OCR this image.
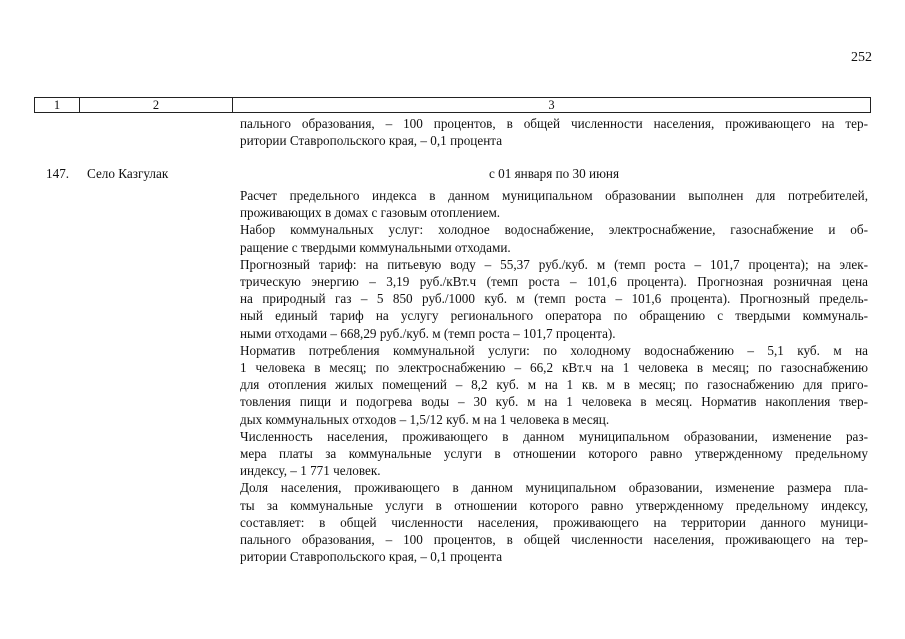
252
1	2	3
пального образования, – 100 процентов, в общей численности населения, проживающего на тер-
ритории Ставропольского края, – 0,1 процента
147. Село Казгулак	с 01 января по 30 июня
Расчет предельного индекса в данном муниципальном образовании выполнен для потребителей,
проживающих в домах с газовым отоплением.
Набор коммунальных услуг: холодное водоснабжение, электроснабжение, газоснабжение и об-
ращение с твердыми коммунальными отходами.
Прогнозный тариф: на питьевую воду – 55,37 руб./куб. м (темп роста – 101,7 процента); на элек-
трическую энергию – 3,19 руб./кВт.ч (темп роста – 101,6 процента). Прогнозная розничная цена
на природный газ – 5 850 руб./1000 куб. м (темп роста – 101,6 процента). Прогнозный предель-
ный единый тариф на услугу регионального оператора по обращению с твердыми коммуналь-
ными отходами – 668,29 руб./куб. м (темп роста – 101,7 процента).
Норматив потребления коммунальной услуги: по холодному водоснабжению – 5,1 куб. м на
1 человека в месяц; по электроснабжению – 66,2 кВт.ч на 1 человека в месяц; по газоснабжению
для отопления жилых помещений – 8,2 куб. м на 1 кв. м в месяц; по газоснабжению для приго-
товления пищи и подогрева воды – 30 куб. м на 1 человека в месяц. Норматив накопления твер-
дых коммунальных отходов – 1,5/12 куб. м на 1 человека в месяц.
Численность населения, проживающего в данном муниципальном образовании, изменение раз-
мера платы за коммунальные услуги в отношении которого равно утвержденному предельному
индексу, – 1 771 человек.
Доля населения, проживающего в данном муниципальном образовании, изменение размера пла-
ты за коммунальные услуги в отношении которого равно утвержденному предельному индексу,
составляет: в общей численности населения, проживающего на территории данного муници-
пального образования, – 100 процентов, в общей численности населения, проживающего на тер-
ритории Ставропольского края, – 0,1 процента
